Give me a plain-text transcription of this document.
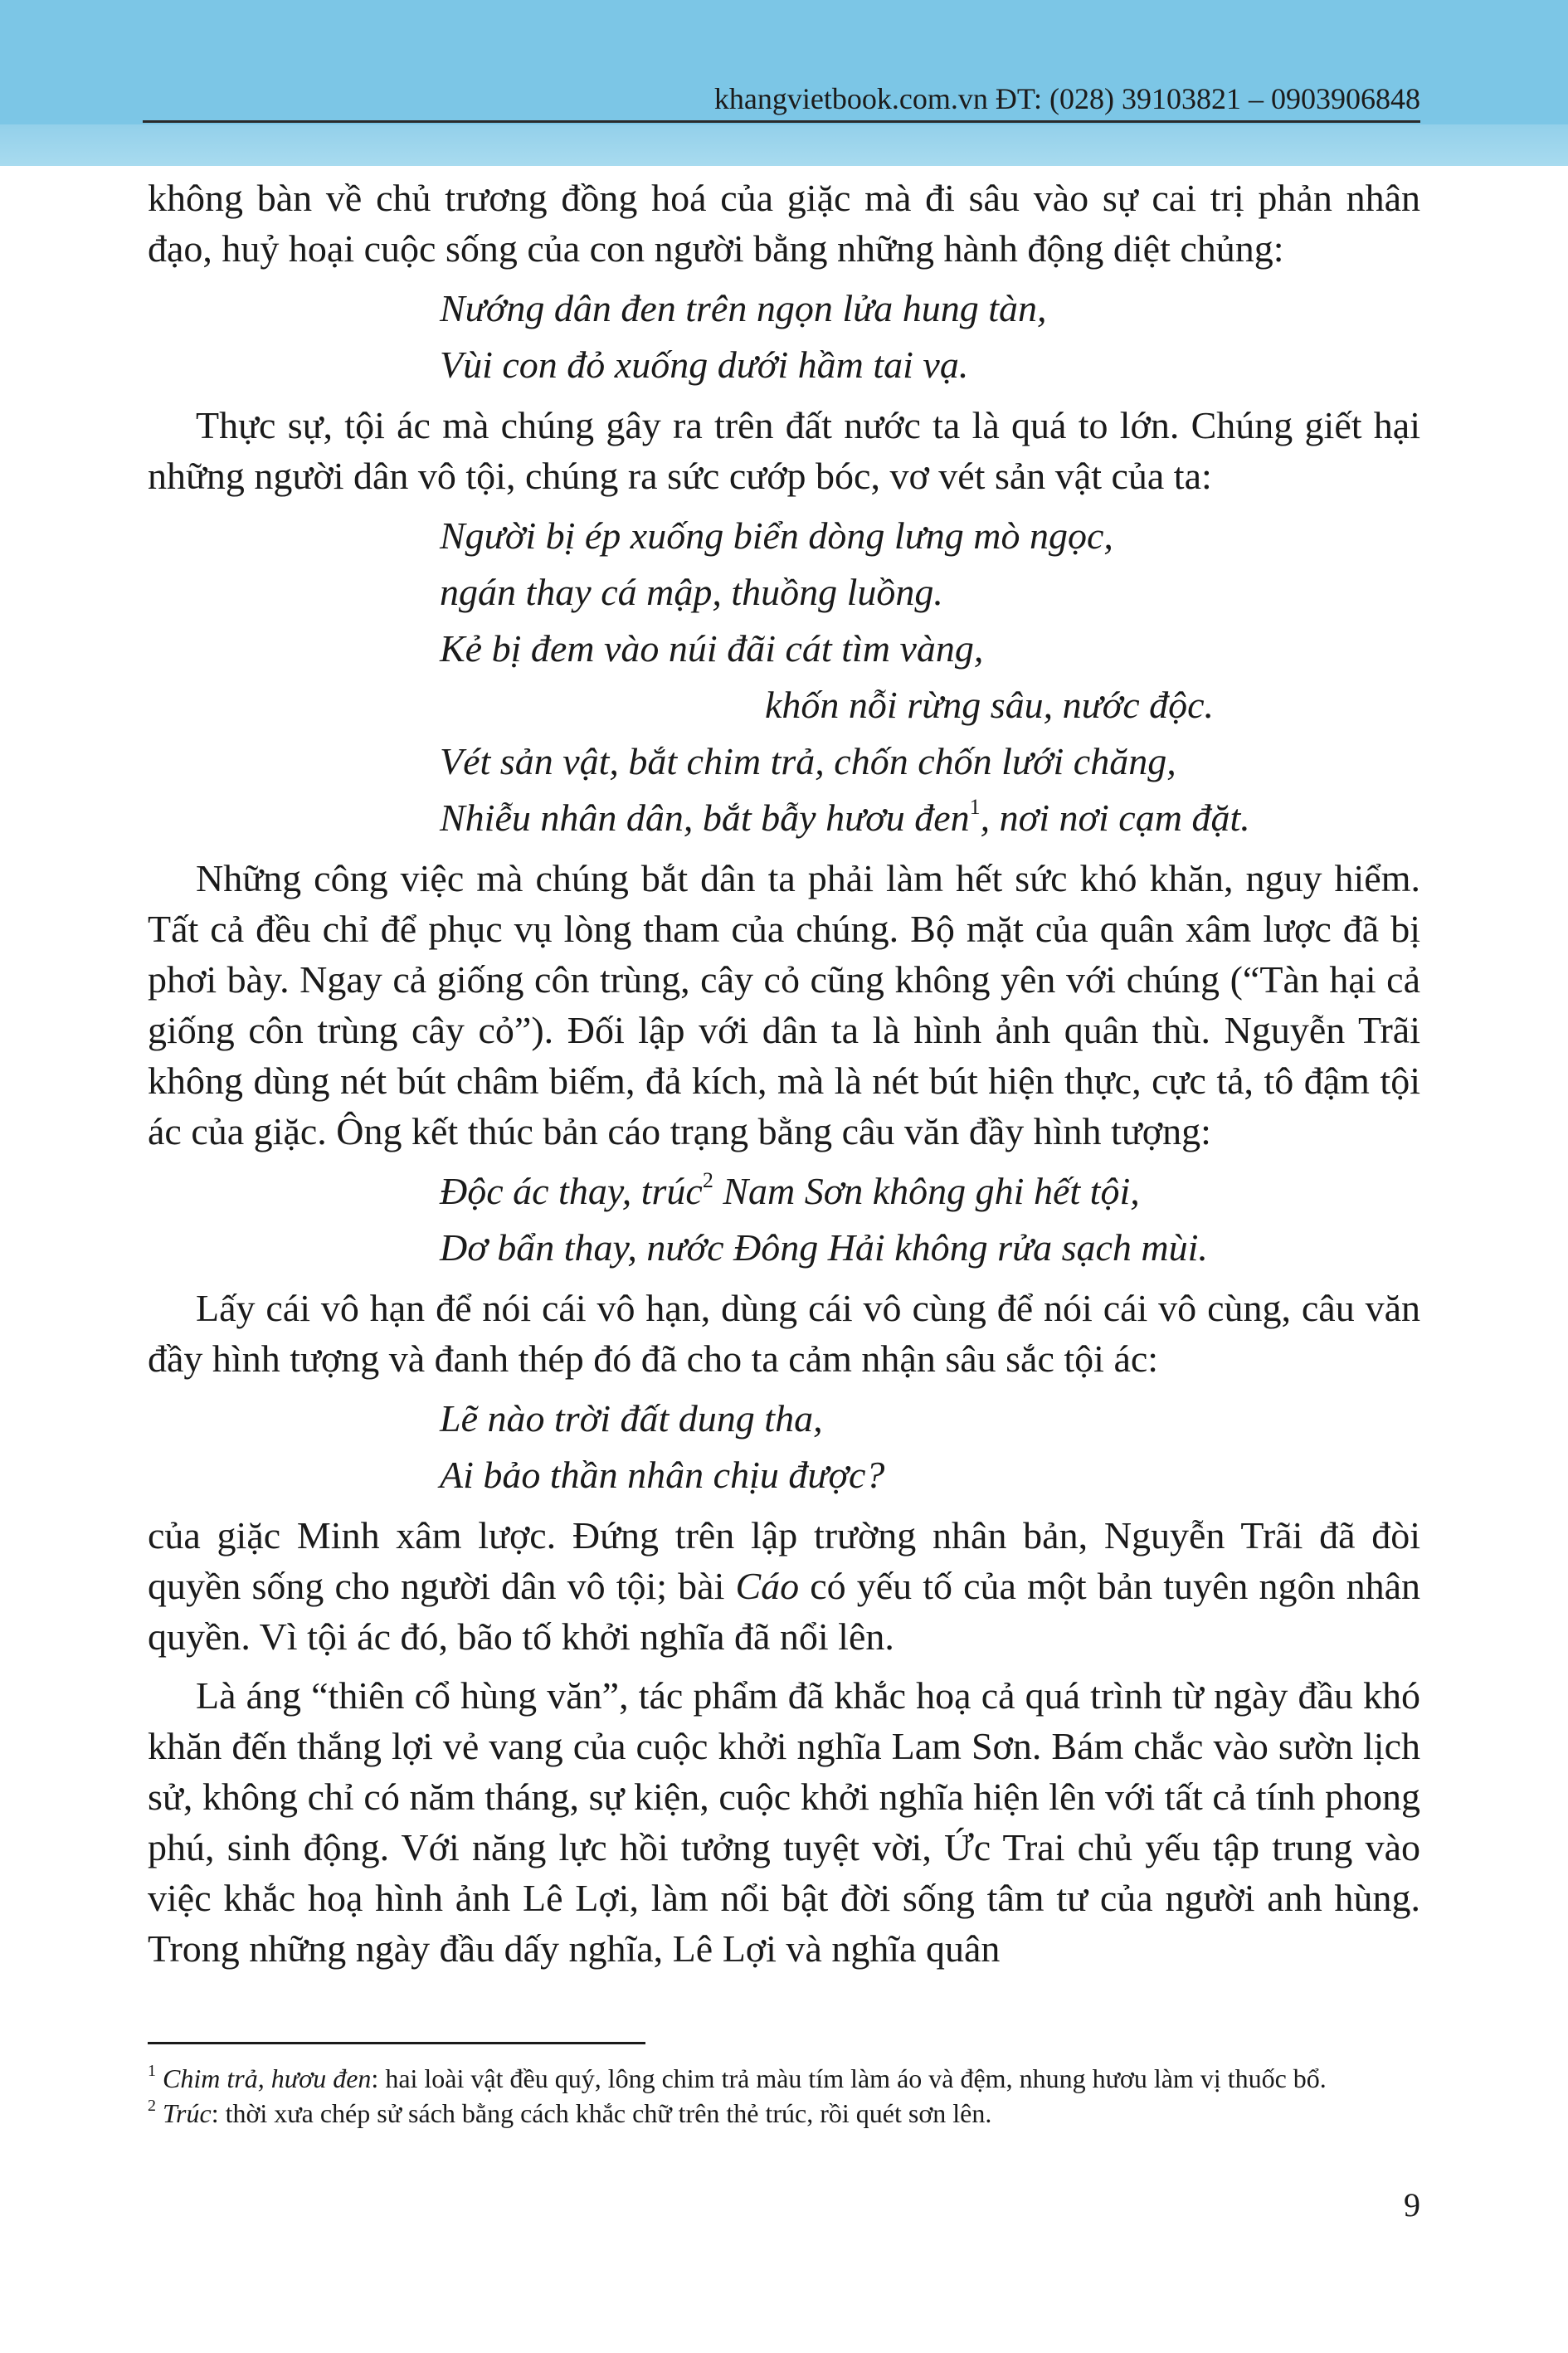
khangvietbook.com.vn ĐT: (028) 39103821 – 0903906848

không bàn về chủ trương đồng hoá của giặc mà đi sâu vào sự cai trị phản nhân đạo, huỷ hoại cuộc sống của con người bằng những hành động diệt chủng:

Nướng dân đen trên ngọn lửa hung tàn,
Vùi con đỏ xuống dưới hầm tai vạ.

Thực sự, tội ác mà chúng gây ra trên đất nước ta là quá to lớn. Chúng giết hại những người dân vô tội, chúng ra sức cướp bóc, vơ vét sản vật của ta:

Người bị ép xuống biển dòng lưng mò ngọc,
ngán thay cá mập, thuồng luồng.
Kẻ bị đem vào núi đãi cát tìm vàng,
khốn nỗi rừng sâu, nước độc.
Vét sản vật, bắt chim trả, chốn chốn lưới chăng,
Nhiễu nhân dân, bắt bẫy hươu đen$^1$, nơi nơi cạm đặt.

Những công việc mà chúng bắt dân ta phải làm hết sức khó khăn, nguy hiểm. Tất cả đều chỉ để phục vụ lòng tham của chúng. Bộ mặt của quân xâm lược đã bị phơi bày. Ngay cả giống côn trùng, cây cỏ cũng không yên với chúng (“Tàn hại cả giống côn trùng cây cỏ”). Đối lập với dân ta là hình ảnh quân thù. Nguyễn Trãi không dùng nét bút châm biếm, đả kích, mà là nét bút hiện thực, cực tả, tô đậm tội ác của giặc. Ông kết thúc bản cáo trạng bằng câu văn đầy hình tượng:

Độc ác thay, trúc$^2$ Nam Sơn không ghi hết tội,
Dơ bẩn thay, nước Đông Hải không rửa sạch mùi.

Lấy cái vô hạn để nói cái vô hạn, dùng cái vô cùng để nói cái vô cùng, câu văn đầy hình tượng và đanh thép đó đã cho ta cảm nhận sâu sắc tội ác:

Lẽ nào trời đất dung tha,
Ai bảo thần nhân chịu được?

của giặc Minh xâm lược. Đứng trên lập trường nhân bản, Nguyễn Trãi đã đòi quyền sống cho người dân vô tội; bài Cáo có yếu tố của một bản tuyên ngôn nhân quyền. Vì tội ác đó, bão tố khởi nghĩa đã nổi lên.

Là áng “thiên cổ hùng văn”, tác phẩm đã khắc hoạ cả quá trình từ ngày đầu khó khăn đến thắng lợi vẻ vang của cuộc khởi nghĩa Lam Sơn. Bám chắc vào sườn lịch sử, không chỉ có năm tháng, sự kiện, cuộc khởi nghĩa hiện lên với tất cả tính phong phú, sinh động. Với năng lực hồi tưởng tuyệt vời, Ức Trai chủ yếu tập trung vào việc khắc hoạ hình ảnh Lê Lợi, làm nổi bật đời sống tâm tư của người anh hùng. Trong những ngày đầu dấy nghĩa, Lê Lợi và nghĩa quân

$^1$ Chim trả, hươu đen: hai loài vật đều quý, lông chim trả màu tím làm áo và đệm, nhung hươu làm vị thuốc bổ.

$^2$ Trúc: thời xưa chép sử sách bằng cách khắc chữ trên thẻ trúc, rồi quét sơn lên.

9
